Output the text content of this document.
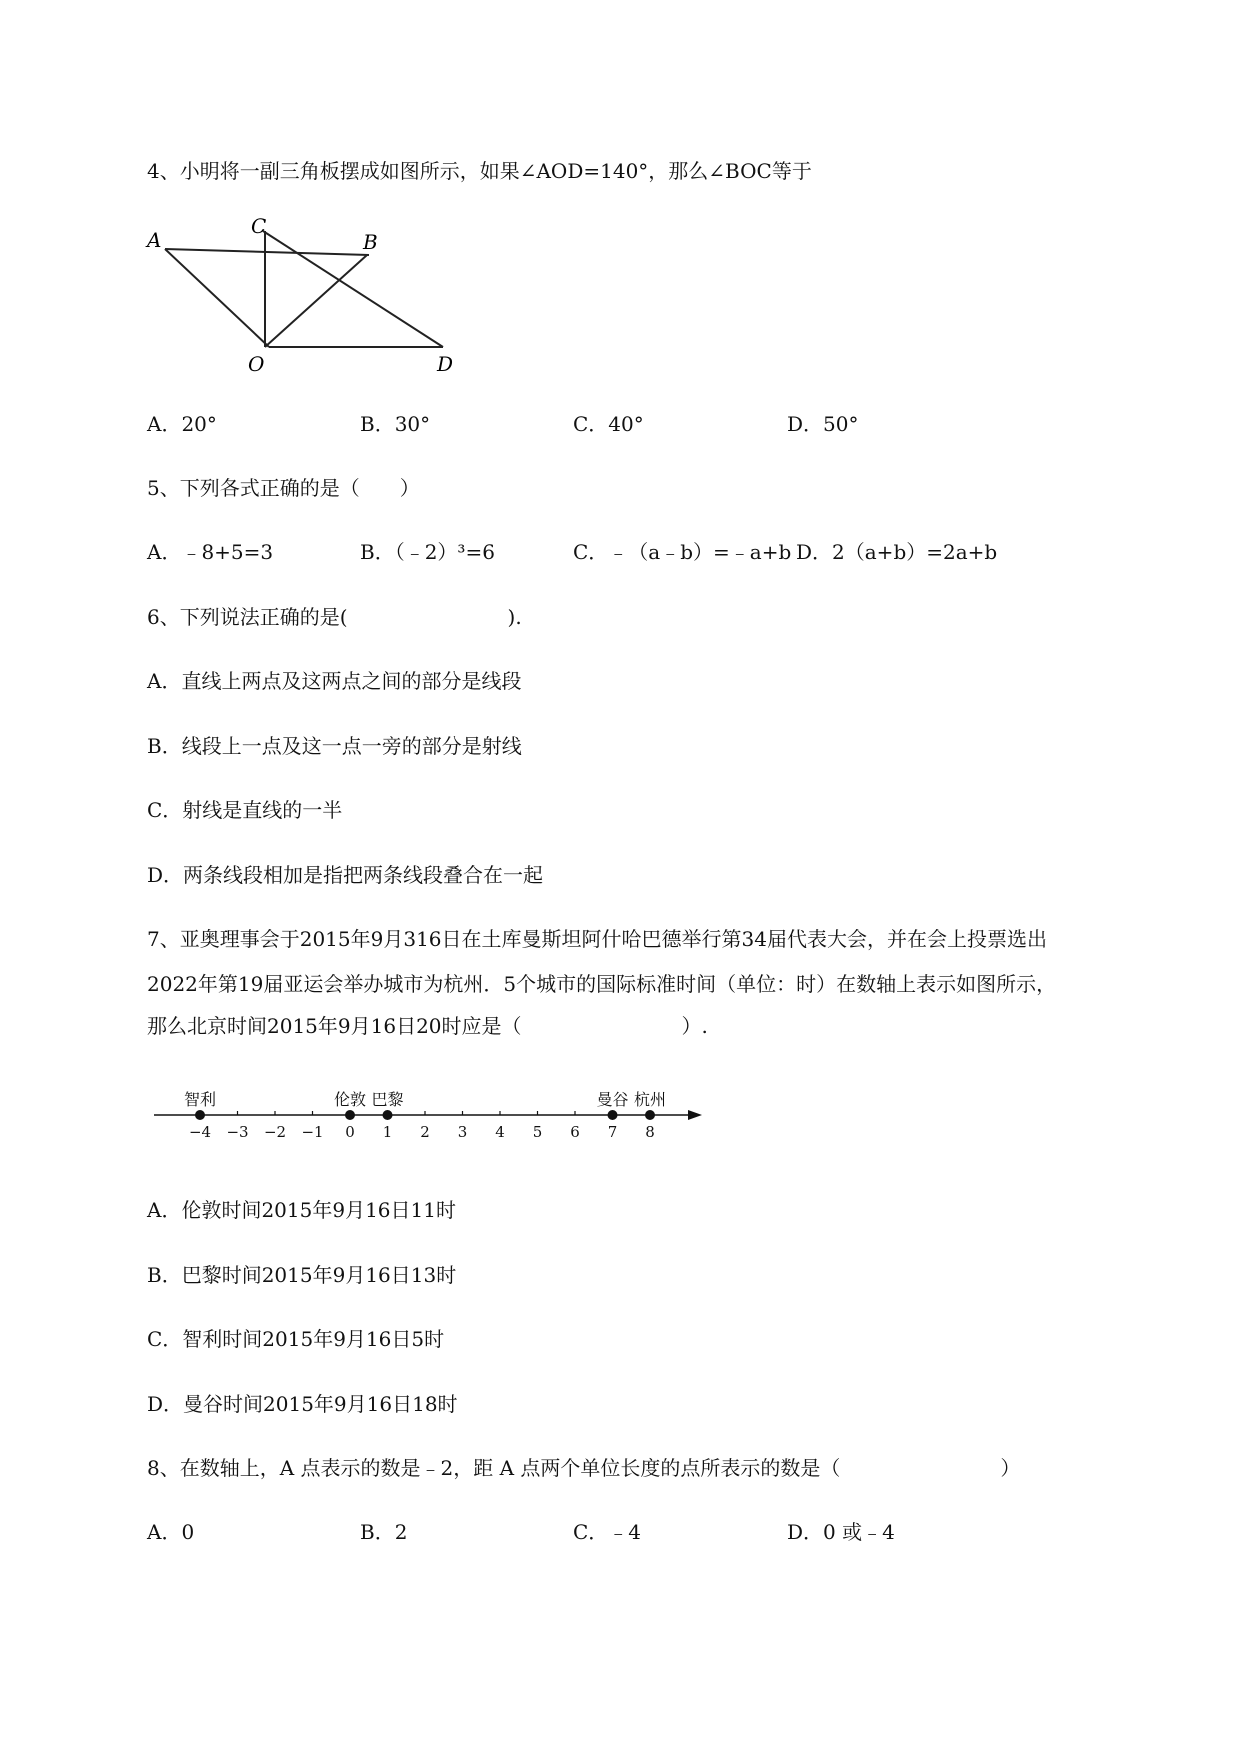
4、小明将一副三角板摆成如图所示，如果∠AOD=140°，那么∠BOC等于
A
C
B
O	D
A．20°	B．30°	C．40°	D．50°
5、下列各式正确的是（　　）
A．﹣8+5=3	B．（﹣2）³=6	C．﹣（a﹣b）=﹣a+b D．2（a+b）=2a+b
6、下列说法正确的是(　　　　　　　　).
A．直线上两点及这两点之间的部分是线段
B．线段上一点及这一点一旁的部分是射线
C．射线是直线的一半
D．两条线段相加是指把两条线段叠合在一起
7、亚奥理事会于2015年9月316日在土库曼斯坦阿什哈巴德举行第34届代表大会，并在会上投票选出
2022年第19届亚运会举办城市为杭州．5个城市的国际标准时间（单位：时）在数轴上表示如图所示，
那么北京时间2015年9月16日20时应是（　　　　　　　　）.
−4 −3 −2 −1 0 1 2 3 4 5 6 7 8
智利	伦敦 巴黎	曼谷 杭州
A．伦敦时间2015年9月16日11时
B．巴黎时间2015年9月16日13时
C．智利时间2015年9月16日5时
D．曼谷时间2015年9月16日18时
8、在数轴上，A 点表示的数是﹣2，距 A 点两个单位长度的点所表示的数是（　　　　　　　　）
A．0	B．2	C．﹣4	D．0 或﹣4
